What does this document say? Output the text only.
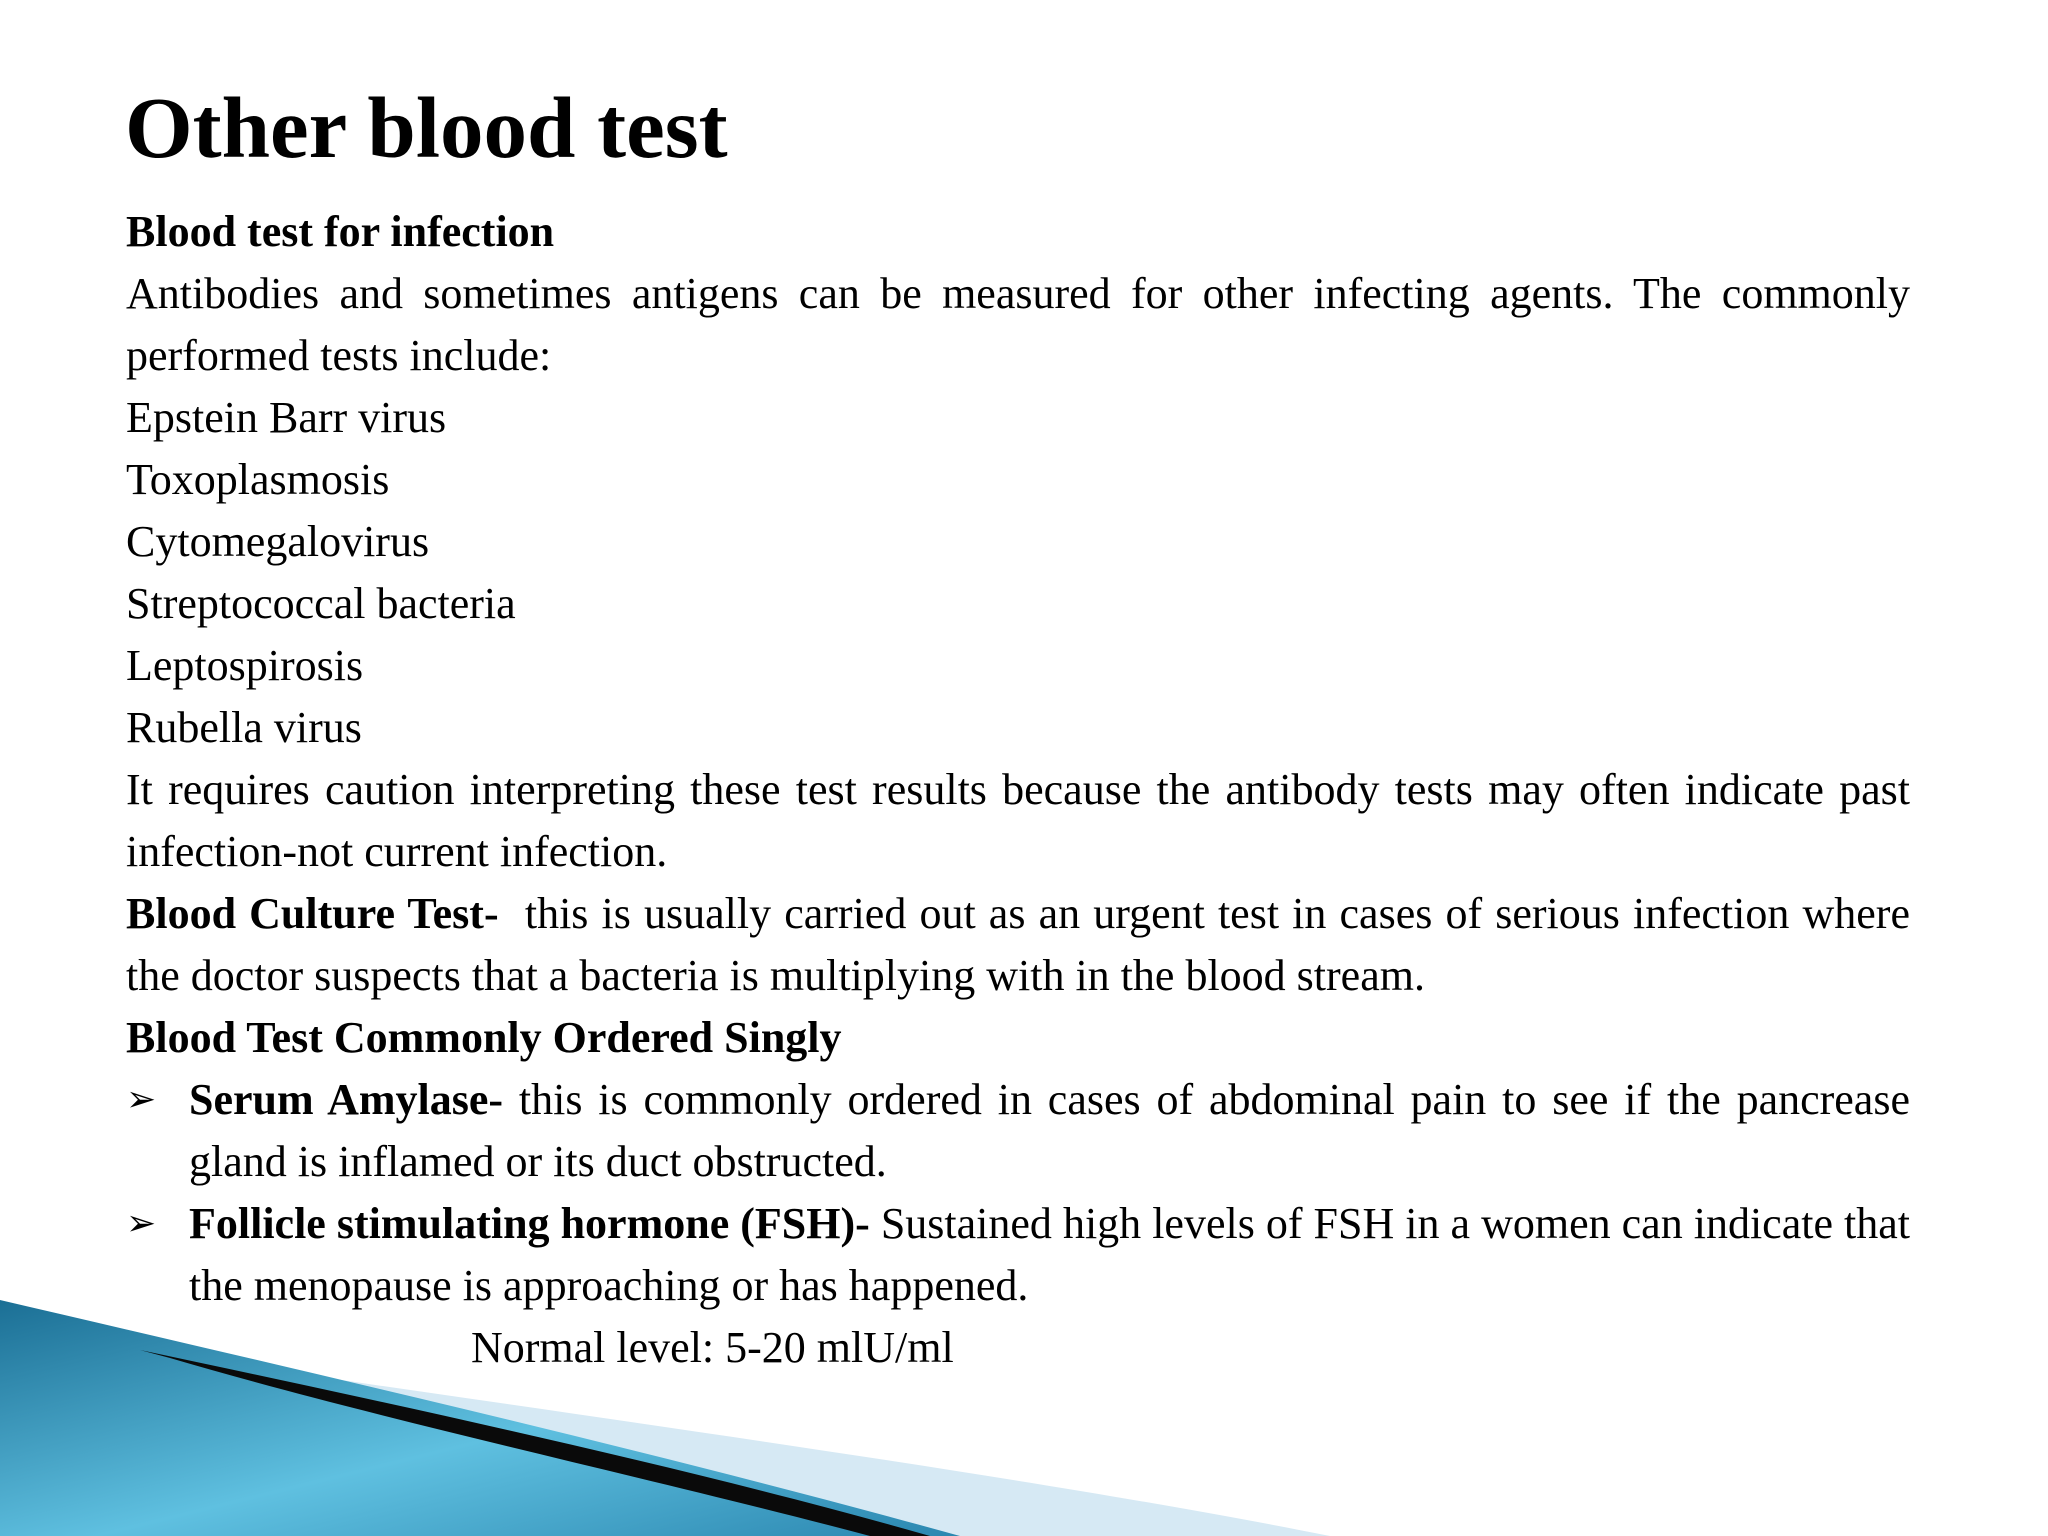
Other blood test

Blood test for infection

Antibodies and sometimes antigens can be measured for other infecting agents. The commonly performed tests include:

Epstein Barr virus

Toxoplasmosis

Cytomegalovirus

Streptococcal bacteria

Leptospirosis

Rubella virus

It requires caution interpreting these test results because the antibody tests may often indicate past infection-not current infection.

Blood Culture Test-  this is usually carried out as an urgent test in cases of serious infection where the doctor suspects that a bacteria is multiplying with in the blood stream.

Blood Test Commonly Ordered Singly

➢ Serum Amylase- this is commonly ordered in cases of abdominal pain to see if the pancrease gland is inflamed or its duct obstructed.
➢ Follicle stimulating hormone (FSH)- Sustained high levels of FSH in a women can indicate that the menopause is approaching or has happened.

Normal level: 5-20 mlU/ml
